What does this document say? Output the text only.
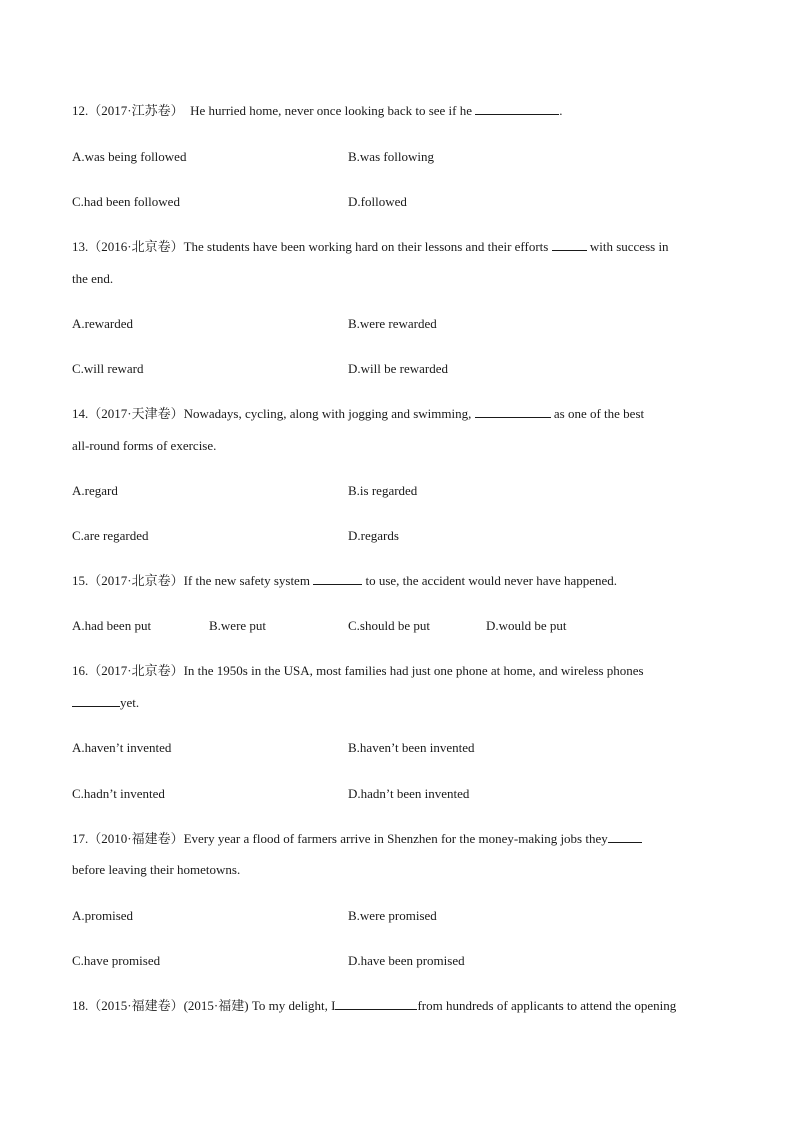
12.（2017·江苏卷） He hurried home, never once looking back to see if he	.
A.was being followed	B.was following
C.had been followed	D.followed
13.（2016·北京卷）The students have been working hard on their lessons and their efforts	with success in
the end.
A.rewarded	B.were rewarded
C.will reward	D.will be rewarded
14.（2017·天津卷）Nowadays, cycling, along with jogging and swimming,	as one of the best
all-round forms of exercise.
A.regard	B.is regarded
C.are regarded	D.regards
15.（2017·北京卷）If the new safety system	to use, the accident would never have happened.
A.had been put	B.were put	C.should be put	D.would be put
16.（2017·北京卷）In the 1950s in the USA, most families had just one phone at home, and wireless phones
yet.
A.haven’t invented	B.haven’t been invented
C.hadn’t invented	D.hadn’t been invented
17.（2010·福建卷）Every year a flood of farmers arrive in Shenzhen for the money-making jobs they
before leaving their hometowns.
A.promised	B.were promised
C.have promised	D.have been promised
18.（2015·福建卷）(2015·福建) To my delight, I	from hundreds of applicants to attend the opening
